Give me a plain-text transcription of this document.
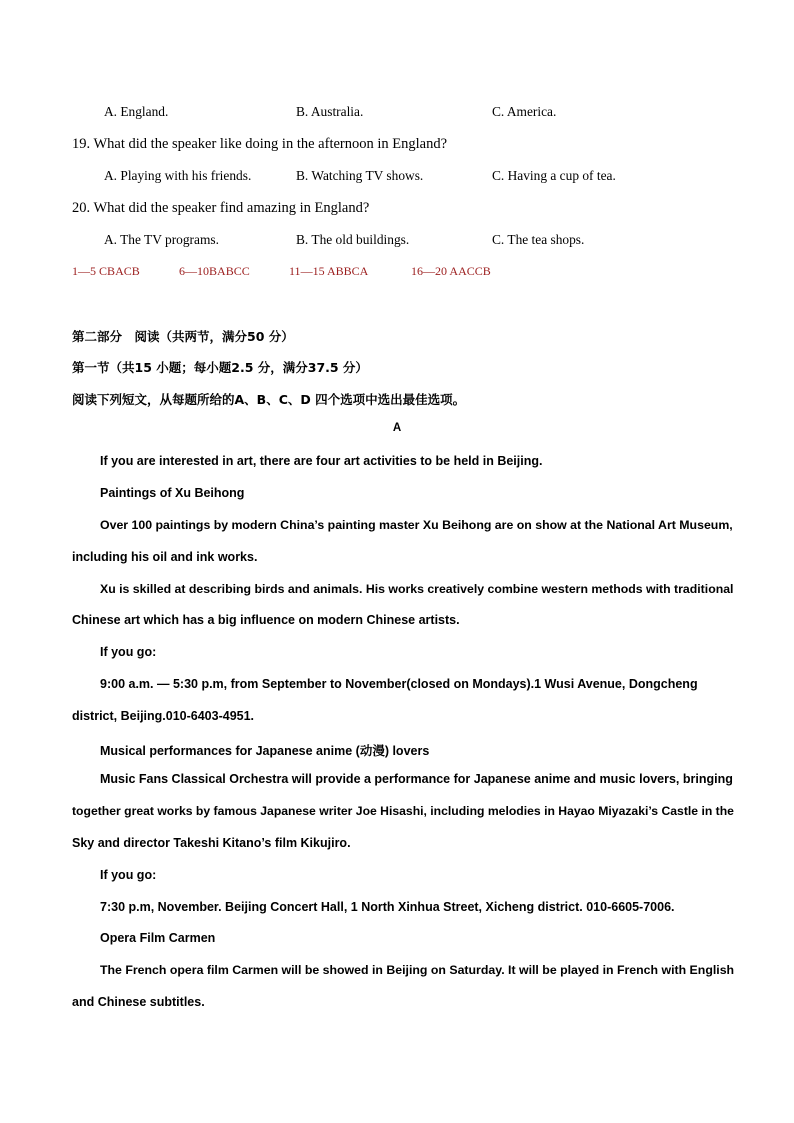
A. England.	B. Australia.	C. America.
19. What did the speaker like doing in the afternoon in England?
A. Playing with his friends.	B. Watching TV shows.	C. Having a cup of tea.
20. What did the speaker find amazing in England?
A. The TV programs.	B. The old buildings.	C. The tea shops.
1—5 CBACB	6—10BABCC	11—15 ABBCA	16—20 AACCB
第二部分　阅读（共两节，满分50 分）
第一节（共15 小题；每小题2.5 分，满分37.5 分）
阅读下列短文，从每题所给的A、B、C、D 四个选项中选出最佳选项。
A
If you are interested in art, there are four art activities to be held in Beijing.
Paintings of Xu Beihong
Over 100 paintings by modern China’s painting master Xu Beihong are on show at the National Art Museum,
including his oil and ink works.
Xu is skilled at describing birds and animals. His works creatively combine western methods with traditional
Chinese art which has a big influence on modern Chinese artists.
If you go:
9:00 a.m. — 5:30 p.m, from September to November(closed on Mondays).1 Wusi Avenue, Dongcheng
district, Beijing.010-6403-4951.
Musical performances for Japanese anime (动漫) lovers
Music Fans Classical Orchestra will provide a performance for Japanese anime and music lovers, bringing
together great works by famous Japanese writer Joe Hisashi, including melodies in Hayao Miyazaki’s Castle in the
Sky and director Takeshi Kitano’s film Kikujiro.
If you go:
7:30 p.m, November. Beijing Concert Hall, 1 North Xinhua Street, Xicheng district. 010-6605-7006.
Opera Film Carmen
The French opera film Carmen will be showed in Beijing on Saturday. It will be played in French with English
and Chinese subtitles.
